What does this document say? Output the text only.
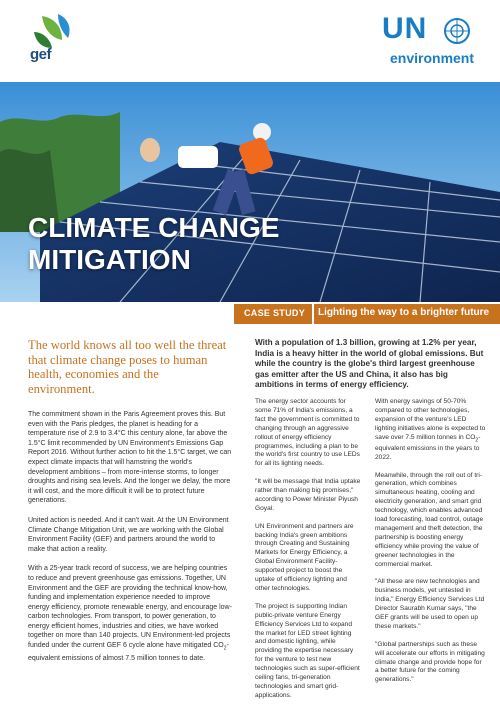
gef
UN
environment
CLIMATE CHANGE
MITIGATION
CASE STUDY Lighting the way to a brighter future
The world knows all too well the threat that climate change poses to human health, economies and the environment.

The commitment shown in the Paris Agreement proves this. But even with the Paris pledges, the planet is heading for a temperature rise of 2.9 to 3.4°C this century alone, far above the 1.5°C limit recommended by UN Environment's Emissions Gap Report 2016. Without further action to hit the 1.5°C target, we can expect climate impacts that will hamstring the world's development ambitions – from more-intense storms, to longer droughts and rising sea levels. And the longer we delay, the more it will cost, and the more difficult it will be to protect future generations.

United action is needed. And it can't wait. At the UN Environment Climate Change Mitigation Unit, we are working with the Global Environment Facility (GEF) and partners around the world to make that action a reality.

With a 25-year track record of success, we are helping countries to reduce and prevent greenhouse gas emissions. Together, UN Environment and the GEF are providing the technical know-how, funding and implementation experience needed to improve energy efficiency, promote renewable energy, and encourage low-carbon technologies. From transport, to power generation, to energy efficient homes, industries and cities, we have worked together on more than 140 projects. UN Environment-led projects funded under the current GEF 6 cycle alone have mitigated $CO_2$-equivalent emissions of almost 7.5 million tonnes to date.

With a population of 1.3 billion, growing at 1.2% per year, India is a heavy hitter in the world of global emissions. But while the country is the globe's third largest greenhouse gas emitter after the US and China, it also has big ambitions in terms of energy efficiency.

The energy sector accounts for some 71% of India's emissions, a fact the government is committed to changing through an aggressive rollout of energy efficiency programmes, including a plan to be the world's first country to use LEDs for all its lighting needs.

"It will be message that India uptake rather than making big promises," according to Power Minister Piyush Goyal.

UN Environment and partners are backing India's green ambitions through Creating and Sustaining Markets for Energy Efficiency, a Global Environment Facility-supported project to boost the uptake of efficiency lighting and other technologies.

The project is supporting Indian public-private venture Energy Efficiency Services Ltd to expand the market for LED street lighting and domestic lighting, while providing the expertise necessary for the venture to test new technologies such as super-efficient ceiling fans, tri-generation technologies and smart grid-applications.

With energy savings of 50-70% compared to other technologies, expansion of the venture's LED lighting initiatives alone is expected to save over 7.5 million tonnes in $CO_2$-equivalent emissions in the years to 2022.

Meanwhile, through the roll out of tri-generation, which combines simultaneous heating, cooling and electricity generation, and smart grid technology, which enables advanced load forecasting, load control, outage management and theft detection, the partnership is boosting energy efficiency while proving the value of greener technologies in the commercial market.

"All these are new technologies and business models, yet untested in India," Energy Efficiency Services Ltd Director Saurabh Kumar says, "the GEF grants will be used to open up these markets."

"Global partnerships such as these will accelerate our efforts in mitigating climate change and provide hope for a better future for the coming generations."
